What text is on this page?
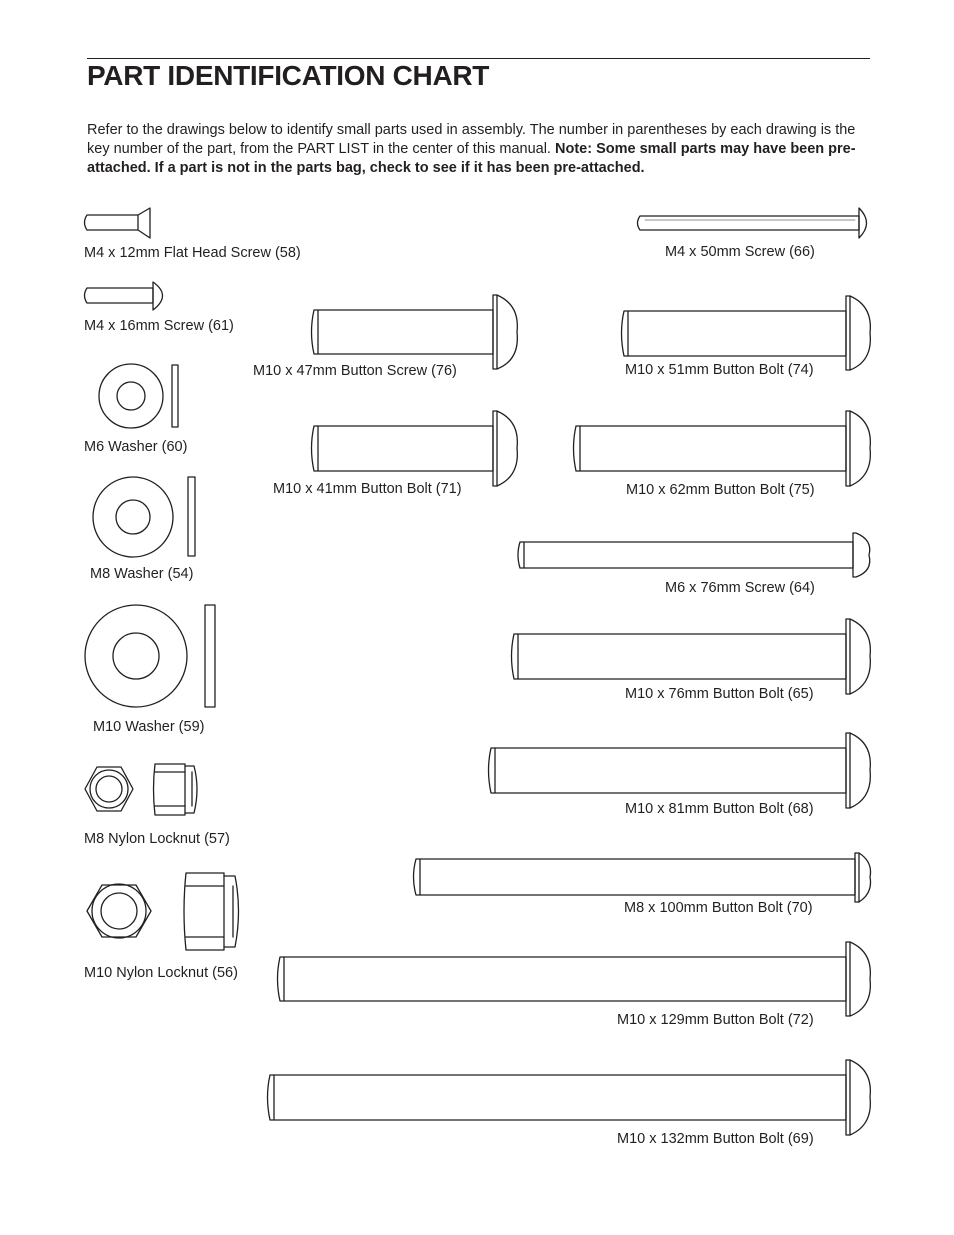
PART IDENTIFICATION CHART
Refer to the drawings below to identify small parts used in assembly. The number in parentheses by each drawing is the key number of the part, from the PART LIST in the center of this manual. Note: Some small parts may have been pre-attached. If a part is not in the parts bag, check to see if it has been pre-attached.
M4 x 12mm Flat Head Screw (58)	M4 x 50mm Screw (66)
M4 x 16mm Screw (61)
M10 x 47mm Button Screw (76)	M10 x 51mm Button Bolt (74)
M6 Washer (60)
M10 x 41mm Button Bolt (71)	M10 x 62mm Button Bolt (75)
M8 Washer (54)
M6 x 76mm Screw (64)
M10 Washer (59)
M10 x 76mm Button Bolt (65)
M8 Nylon Locknut (57)
M10 x 81mm Button Bolt (68)
M8 x 100mm Button Bolt (70)
M10 Nylon Locknut (56)
M10 x 129mm Button Bolt (72)
M10 x 132mm Button Bolt (69)
